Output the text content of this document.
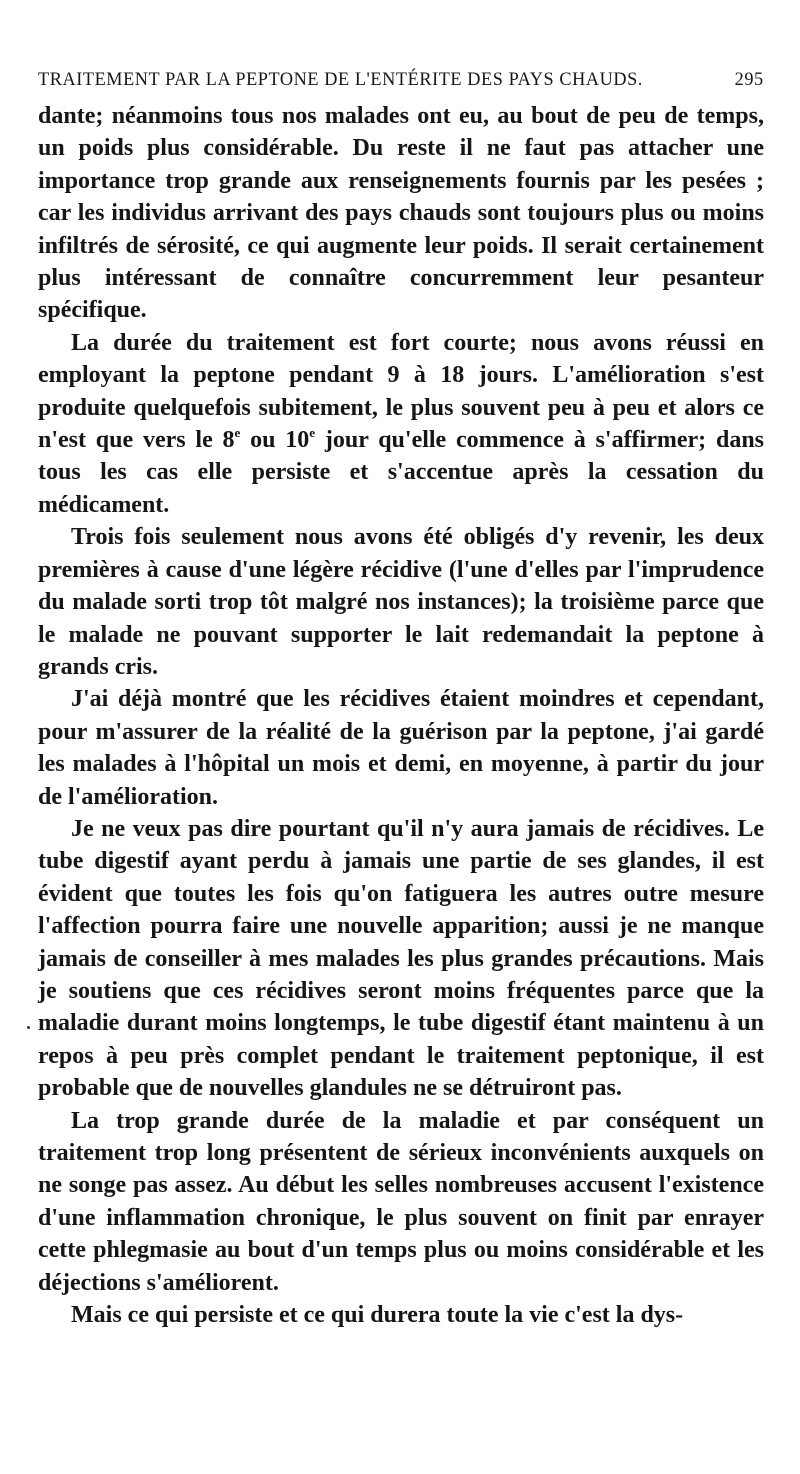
TRAITEMENT PAR LA PEPTONE DE L'ENTÉRITE DES PAYS CHAUDS.	295

dante; néanmoins tous nos malades ont eu, au bout de peu de temps, un poids plus considérable. Du reste il ne faut pas attacher une importance trop grande aux renseignements fournis par les pesées ; car les individus arrivant des pays chauds sont toujours plus ou moins infiltrés de sérosité, ce qui augmente leur poids. Il serait certainement plus intéressant de connaître concurremment leur pesanteur spécifique.

La durée du traitement est fort courte; nous avons réussi en employant la peptone pendant 9 à 18 jours. L'amélioration s'est produite quelquefois subitement, le plus souvent peu à peu et alors ce n'est que vers le 8e ou 10e jour qu'elle commence à s'affirmer; dans tous les cas elle persiste et s'accentue après la cessation du médicament.

Trois fois seulement nous avons été obligés d'y revenir, les deux premières à cause d'une légère récidive (l'une d'elles par l'imprudence du malade sorti trop tôt malgré nos instances); la troisième parce que le malade ne pouvant supporter le lait redemandait la peptone à grands cris.

J'ai déjà montré que les récidives étaient moindres et cependant, pour m'assurer de la réalité de la guérison par la peptone, j'ai gardé les malades à l'hôpital un mois et demi, en moyenne, à partir du jour de l'amélioration.

Je ne veux pas dire pourtant qu'il n'y aura jamais de récidives. Le tube digestif ayant perdu à jamais une partie de ses glandes, il est évident que toutes les fois qu'on fatiguera les autres outre mesure l'affection pourra faire une nouvelle apparition; aussi je ne manque jamais de conseiller à mes malades les plus grandes précautions. Mais je soutiens que ces récidives seront moins fréquentes parce que la maladie durant moins longtemps, le tube digestif étant maintenu à un repos à peu près complet pendant le traitement peptonique, il est probable que de nouvelles glandules ne se détruiront pas.

La trop grande durée de la maladie et par conséquent un traitement trop long présentent de sérieux inconvénients auxquels on ne songe pas assez. Au début les selles nombreuses accusent l'existence d'une inflammation chronique, le plus souvent on finit par enrayer cette phlegmasie au bout d'un temps plus ou moins considérable et les déjections s'améliorent.

Mais ce qui persiste et ce qui durera toute la vie c'est la dys-
